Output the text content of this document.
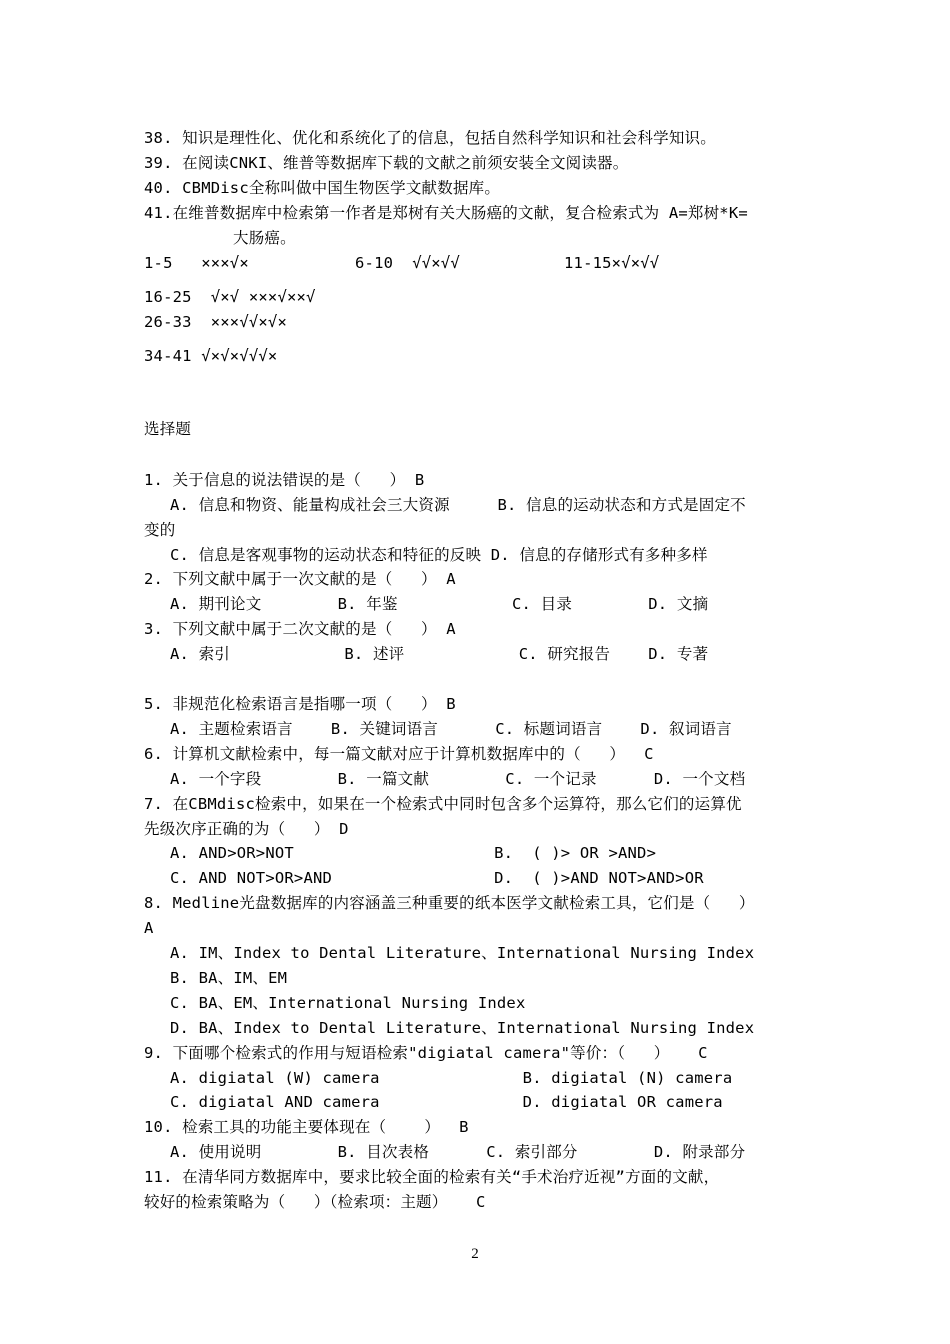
38. 知识是理性化、优化和系统化了的信息，包括自然科学知识和社会科学知识。
39. 在阅读CNKI、维普等数据库下载的文献之前须安装全文阅读器。
40. CBMDisc全称叫做中国生物医学文献数据库。
41.在维普数据库中检索第一作者是郑树有关大肠癌的文献，复合检索式为 A=郑树*K=
大肠癌。
1-5   ×××√×	6-10  √√×√√	11-15×√×√√
16-25  √×√ ×××√××√
26-33  ×××√√×√×
34-41 √×√×√√√×
选择题
1. 关于信息的说法错误的是（   ） B
A. 信息和物资、能量构成社会三大资源     B. 信息的运动状态和方式是固定不
变的
C. 信息是客观事物的运动状态和特征的反映 D. 信息的存储形式有多种多样
2. 下列文献中属于一次文献的是（   ） A
A. 期刊论文        B. 年鉴            C. 目录        D. 文摘
3. 下列文献中属于二次文献的是（   ） A
A. 索引            B. 述评            C. 研究报告    D. 专著
5. 非规范化检索语言是指哪一项（   ） B
A. 主题检索语言    B. 关键词语言      C. 标题词语言    D. 叙词语言
6. 计算机文献检索中，每一篇文献对应于计算机数据库中的（   ）  C
A. 一个字段        B. 一篇文献        C. 一个记录      D. 一个文档
7. 在CBMdisc检索中，如果在一个检索式中同时包含多个运算符，那么它们的运算优
先级次序正确的为（   ） D
A. AND>OR>NOT                     B.  ( )> OR >AND>
C. AND NOT>OR>AND                 D.  ( )>AND NOT>AND>OR
8. Medline光盘数据库的内容涵盖三种重要的纸本医学文献检索工具，它们是（   ）
A
A. IM、Index to Dental Literature、International Nursing Index
B. BA、IM、EM
C. BA、EM、International Nursing Index
D. BA、Index to Dental Literature、International Nursing Index
9. 下面哪个检索式的作用与短语检索"digiatal camera"等价：（   ）   C
A. digiatal (W) camera               B. digiatal (N) camera
C. digiatal AND camera               D. digiatal OR camera
10. 检索工具的功能主要体现在（    ）  B
A. 使用说明        B. 目次表格      C. 索引部分        D. 附录部分
11. 在清华同方数据库中，要求比较全面的检索有关“手术治疗近视”方面的文献，
较好的检索策略为（   ）（检索项：主题）   C
2
